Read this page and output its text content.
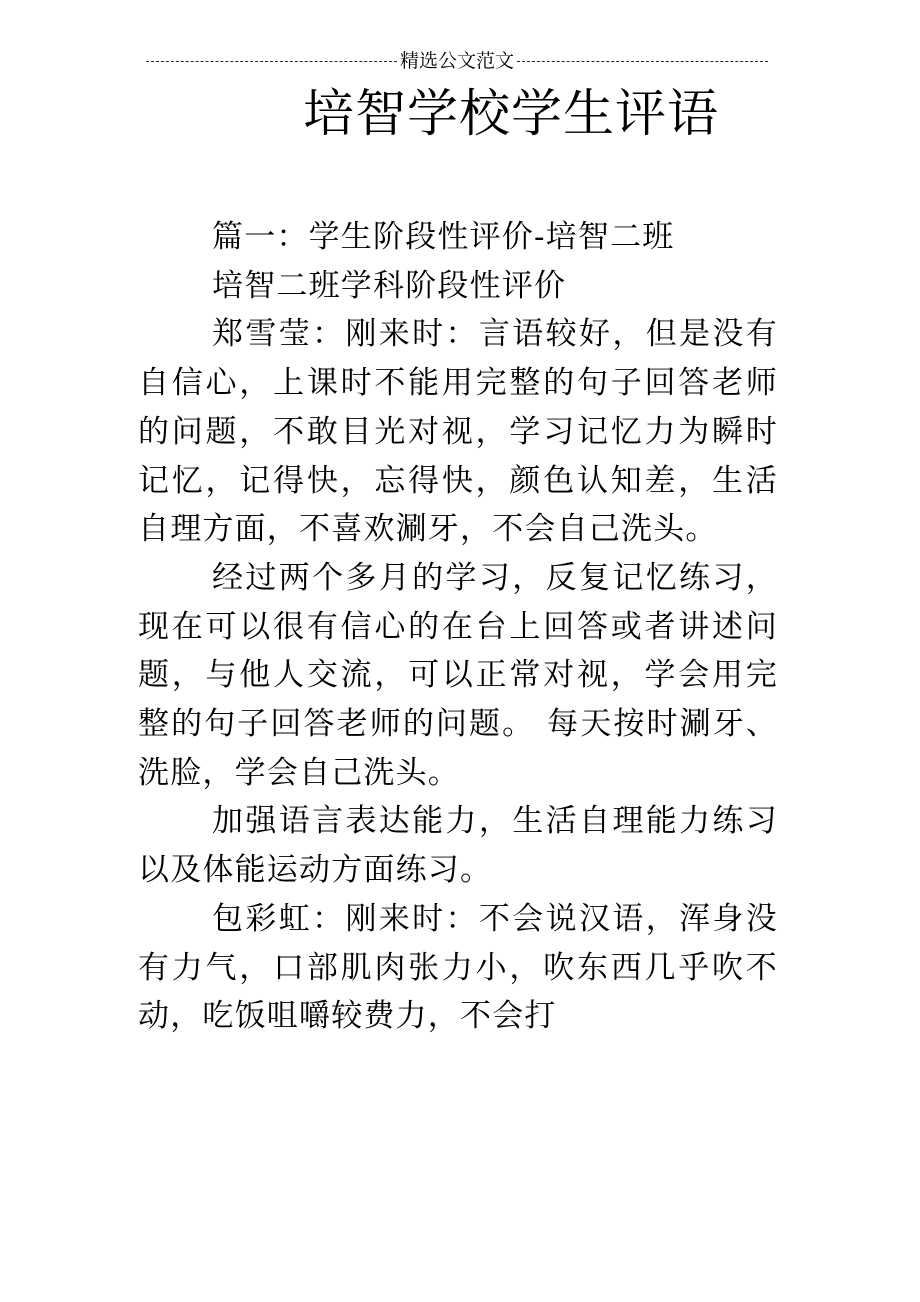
精选公文范文
培智学校学生评语

篇一：学生阶段性评价-培智二班

培智二班学科阶段性评价

郑雪莹：刚来时：言语较好，但是没有自信心，上课时不能用完整的句子回答老师的问题，不敢目光对视，学习记忆力为瞬时记忆，记得快，忘得快，颜色认知差，生活自理方面，不喜欢涮牙，不会自己洗头。

经过两个多月的学习，反复记忆练习，现在可以很有信心的在台上回答或者讲述问题，与他人交流，可以正常对视，学会用完整的句子回答老师的问题。 每天按时涮牙、洗脸，学会自己洗头。

加强语言表达能力，生活自理能力练习以及体能运动方面练习。

包彩虹：刚来时：不会说汉语，浑身没有力气，口部肌肉张力小，吹东西几乎吹不动，吃饭咀嚼较费力，不会打
